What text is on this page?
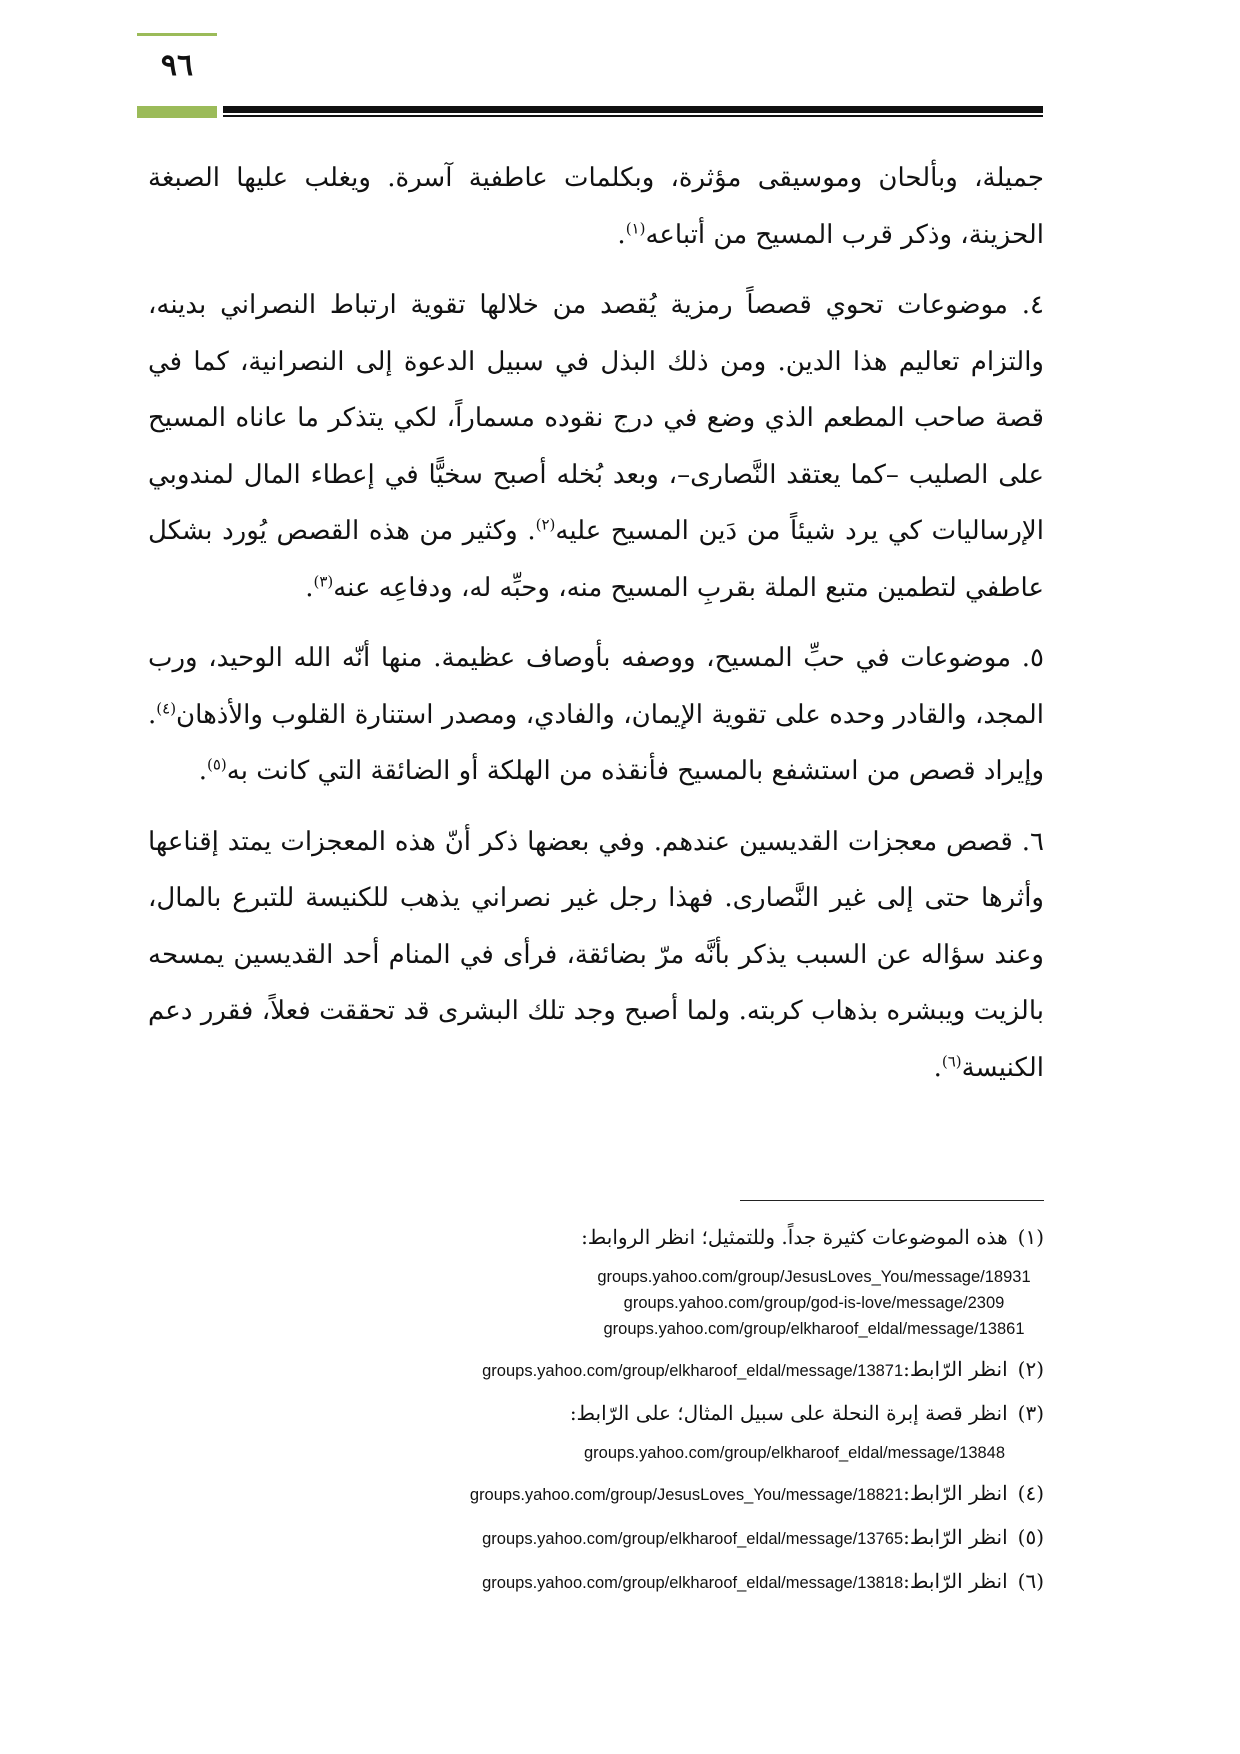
٩٦

جميلة، وبألحان وموسيقى مؤثرة، وبكلمات عاطفية آسرة. ويغلب عليها الصبغة الحزينة، وذكر قرب المسيح من أتباعه$^{(١)}$.

٤. موضوعات تحوي قصصاً رمزية يُقصد من خلالها تقوية ارتباط النصراني بدينه، والتزام تعاليم هذا الدين. ومن ذلك البذل في سبيل الدعوة إلى النصرانية، كما في قصة صاحب المطعم الذي وضع في درج نقوده مسماراً، لكي يتذكر ما عاناه المسيح على الصليب –كما يعتقد النَّصارى–، وبعد بُخله أصبح سخيًّا في إعطاء المال لمندوبي الإرساليات كي يرد شيئاً من دَين المسيح عليه$^{(٢)}$. وكثير من هذه القصص يُورد بشكل عاطفي لتطمين متبع الملة بقربِ المسيح منه، وحبِّه له، ودفاعِه عنه$^{(٣)}$.

٥. موضوعات في حبِّ المسيح، ووصفه بأوصاف عظيمة. منها أنّه الله الوحيد، ورب المجد، والقادر وحده على تقوية الإيمان، والفادي، ومصدر استنارة القلوب والأذهان$^{(٤)}$. وإيراد قصص من استشفع بالمسيح فأنقذه من الهلكة أو الضائقة التي كانت به$^{(٥)}$.

٦. قصص معجزات القديسين عندهم. وفي بعضها ذكر أنّ هذه المعجزات يمتد إقناعها وأثرها حتى إلى غير النَّصارى. فهذا رجل غير نصراني يذهب للكنيسة للتبرع بالمال، وعند سؤاله عن السبب يذكر بأنَّه مرّ بضائقة، فرأى في المنام أحد القديسين يمسحه بالزيت ويبشره بذهاب كربته. ولما أصبح وجد تلك البشرى قد تحققت فعلاً، فقرر دعم الكنيسة$^{(٦)}$.

(١)هذه الموضوعات كثيرة جداً. وللتمثيل؛ انظر الروابط:

groups.yahoo.com/group/JesusLoves_You/message/18931
groups.yahoo.com/group/god-is-love/message/2309
groups.yahoo.com/group/elkharoof_eldal/message/13861

(٢)انظر الرّابط:groups.yahoo.com/group/elkharoof_eldal/message/13871

(٣)انظر قصة إبرة النحلة على سبيل المثال؛ على الرّابط:

groups.yahoo.com/group/elkharoof_eldal/message/13848

(٤)انظر الرّابط:groups.yahoo.com/group/JesusLoves_You/message/18821

(٥)انظر الرّابط:groups.yahoo.com/group/elkharoof_eldal/message/13765

(٦)انظر الرّابط:groups.yahoo.com/group/elkharoof_eldal/message/13818
